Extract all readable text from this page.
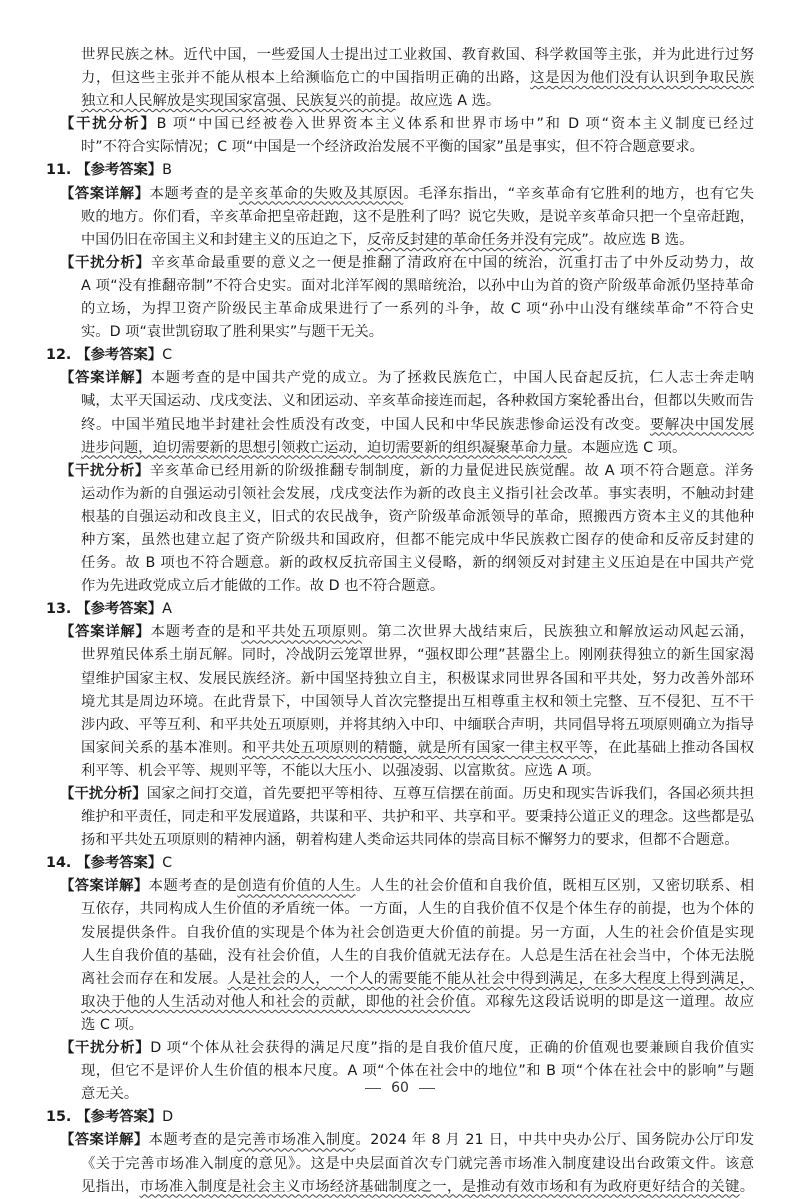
世界民族之林。近代中国，一些爱国人士提出过工业救国、教育救国、科学救国等主张，并为此进行过努
力，但这些主张并不能从根本上给濒临危亡的中国指明正确的出路，这是因为他们没有认识到争取民族
独立和人民解放是实现国家富强、民族复兴的前提。故应选 A 选。
【干扰分析】B 项“中国已经被卷入世界资本主义体系和世界市场中”和 D 项“资本主义制度已经过
时”不符合实际情况；C 项“中国是一个经济政治发展不平衡的国家”虽是事实，但不符合题意要求。
11. 【参考答案】B
【答案详解】本题考查的是辛亥革命的失败及其原因。毛泽东指出，“辛亥革命有它胜利的地方，也有它失
败的地方。你们看，辛亥革命把皇帝赶跑，这不是胜利了吗？说它失败，是说辛亥革命只把一个皇帝赶跑，
中国仍旧在帝国主义和封建主义的压迫之下，反帝反封建的革命任务并没有完成”。故应选 B 选。
【干扰分析】辛亥革命最重要的意义之一便是推翻了清政府在中国的统治，沉重打击了中外反动势力，故
A 项“没有推翻帝制”不符合史实。面对北洋军阀的黑暗统治，以孙中山为首的资产阶级革命派仍坚持革命
的立场，为捍卫资产阶级民主革命成果进行了一系列的斗争，故 C 项“孙中山没有继续革命”不符合史
实。D 项“袁世凯窃取了胜利果实”与题干无关。
12. 【参考答案】C
【答案详解】本题考查的是中国共产党的成立。为了拯救民族危亡，中国人民奋起反抗，仁人志士奔走呐
喊，太平天国运动、戊戌变法、义和团运动、辛亥革命接连而起，各种救国方案轮番出台，但都以失败而告
终。中国半殖民地半封建社会性质没有改变，中国人民和中华民族悲惨命运没有改变。要解决中国发展
进步问题，迫切需要新的思想引领救亡运动，迫切需要新的组织凝聚革命力量。本题应选 C 项。
【干扰分析】辛亥革命已经用新的阶级推翻专制制度，新的力量促进民族觉醒。故 A 项不符合题意。洋务
运动作为新的自强运动引领社会发展，戊戌变法作为新的改良主义指引社会改革。事实表明，不触动封建
根基的自强运动和改良主义，旧式的农民战争，资产阶级革命派领导的革命，照搬西方资本主义的其他种
种方案，虽然也建立起了资产阶级共和国政府，但都不能完成中华民族救亡图存的使命和反帝反封建的
任务。故 B 项也不符合题意。新的政权反抗帝国主义侵略，新的纲领反对封建主义压迫是在中国共产党
作为先进政党成立后才能做的工作。故 D 也不符合题意。
13. 【参考答案】A
【答案详解】本题考查的是和平共处五项原则。第二次世界大战结束后，民族独立和解放运动风起云涌，
世界殖民体系土崩瓦解。同时，冷战阴云笼罩世界，“强权即公理”甚嚣尘上。刚刚获得独立的新生国家渴
望维护国家主权、发展民族经济。新中国坚持独立自主，积极谋求同世界各国和平共处，努力改善外部环
境尤其是周边环境。在此背景下，中国领导人首次完整提出互相尊重主权和领土完整、互不侵犯、互不干
涉内政、平等互利、和平共处五项原则，并将其纳入中印、中缅联合声明，共同倡导将五项原则确立为指导
国家间关系的基本准则。和平共处五项原则的精髓，就是所有国家一律主权平等，在此基础上推动各国权
利平等、机会平等、规则平等，不能以大压小、以强凌弱、以富欺贫。应选 A 项。
【干扰分析】国家之间打交道，首先要把平等相待、互尊互信摆在前面。历史和现实告诉我们，各国必须共担
维护和平责任，同走和平发展道路，共谋和平、共护和平、共享和平。要秉持公道正义的理念。这些都是弘
扬和平共处五项原则的精神内涵，朝着构建人类命运共同体的崇高目标不懈努力的要求，但都不合题意。
14. 【参考答案】C
【答案详解】本题考查的是创造有价值的人生。人生的社会价值和自我价值，既相互区别，又密切联系、相
互依存，共同构成人生价值的矛盾统一体。一方面，人生的自我价值不仅是个体生存的前提，也为个体的
发展提供条件。自我价值的实现是个体为社会创造更大价值的前提。另一方面，人生的社会价值是实现
人生自我价值的基础，没有社会价值，人生的自我价值就无法存在。人总是生活在社会当中，个体无法脱
离社会而存在和发展。人是社会的人，一个人的需要能不能从社会中得到满足，在多大程度上得到满足，
取决于他的人生活动对他人和社会的贡献，即他的社会价值。邓稼先这段话说明的即是这一道理。故应
选 C 项。
【干扰分析】D 项“个体从社会获得的满足尺度”指的是自我价值尺度，正确的价值观也要兼顾自我价值实
现，但它不是评价人生价值的根本尺度。A 项“个体在社会中的地位”和 B 项“个体在社会中的影响”与题
意无关。
15. 【参考答案】D
【答案详解】本题考查的是完善市场准入制度。2024 年 8 月 21 日，中共中央办公厅、国务院办公厅印发
《关于完善市场准入制度的意见》。这是中央层面首次专门就完善市场准入制度建设出台政策文件。该意
见指出，市场准入制度是社会主义市场经济基础制度之一，是推动有效市场和有为政府更好结合的关键。
60
